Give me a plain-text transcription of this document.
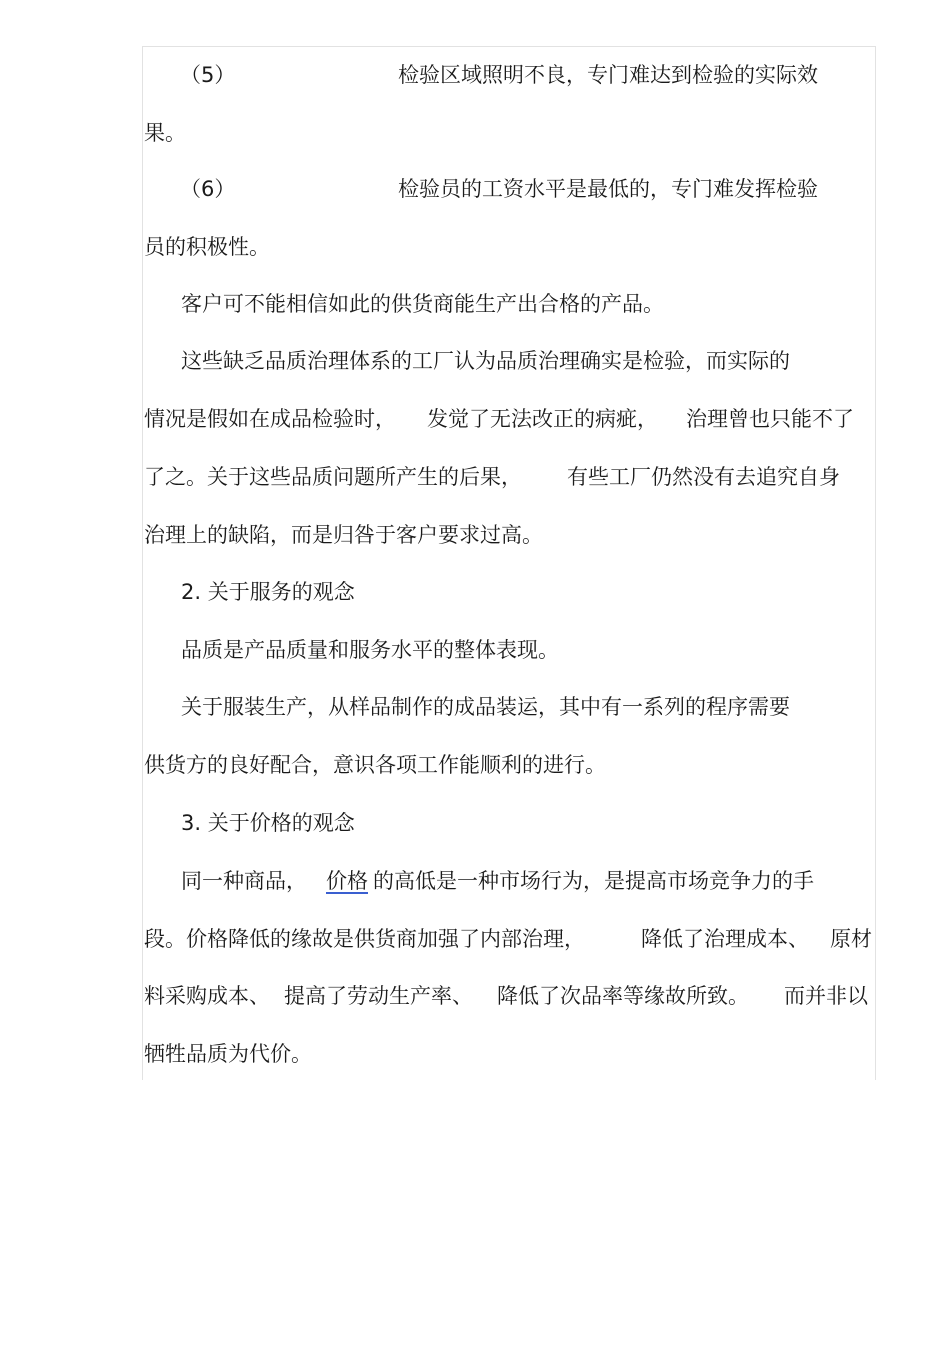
（5）	检验区域照明不良，专门难达到检验的实际效
果。
（6）	检验员的工资水平是最低的，专门难发挥检验
员的积极性。
客户可不能相信如此的供货商能生产出合格的产品。
这些缺乏品质治理体系的工厂认为品质治理确实是检验，而实际的
情况是假如在成品检验时， 发觉了无法改正的病疵， 治理曾也只能不了
了之。关于这些品质问题所产生的后果， 有些工厂仍然没有去追究自身
治理上的缺陷，而是归咎于客户要求过高。
2. 关于服务的观念
品质是产品质量和服务水平的整体表现。
关于服装生产，从样品制作的成品装运，其中有一系列的程序需要
供货方的良好配合，意识各项工作能顺利的进行。
3. 关于价格的观念
同一种商品， 价格 的高低是一种市场行为，是提高市场竞争力的手
段。价格降低的缘故是供货商加强了内部治理，	降低了治理成本、 原材
料采购成本、 提高了劳动生产率、 降低了次品率等缘故所致。 而并非以
牺牲品质为代价。
